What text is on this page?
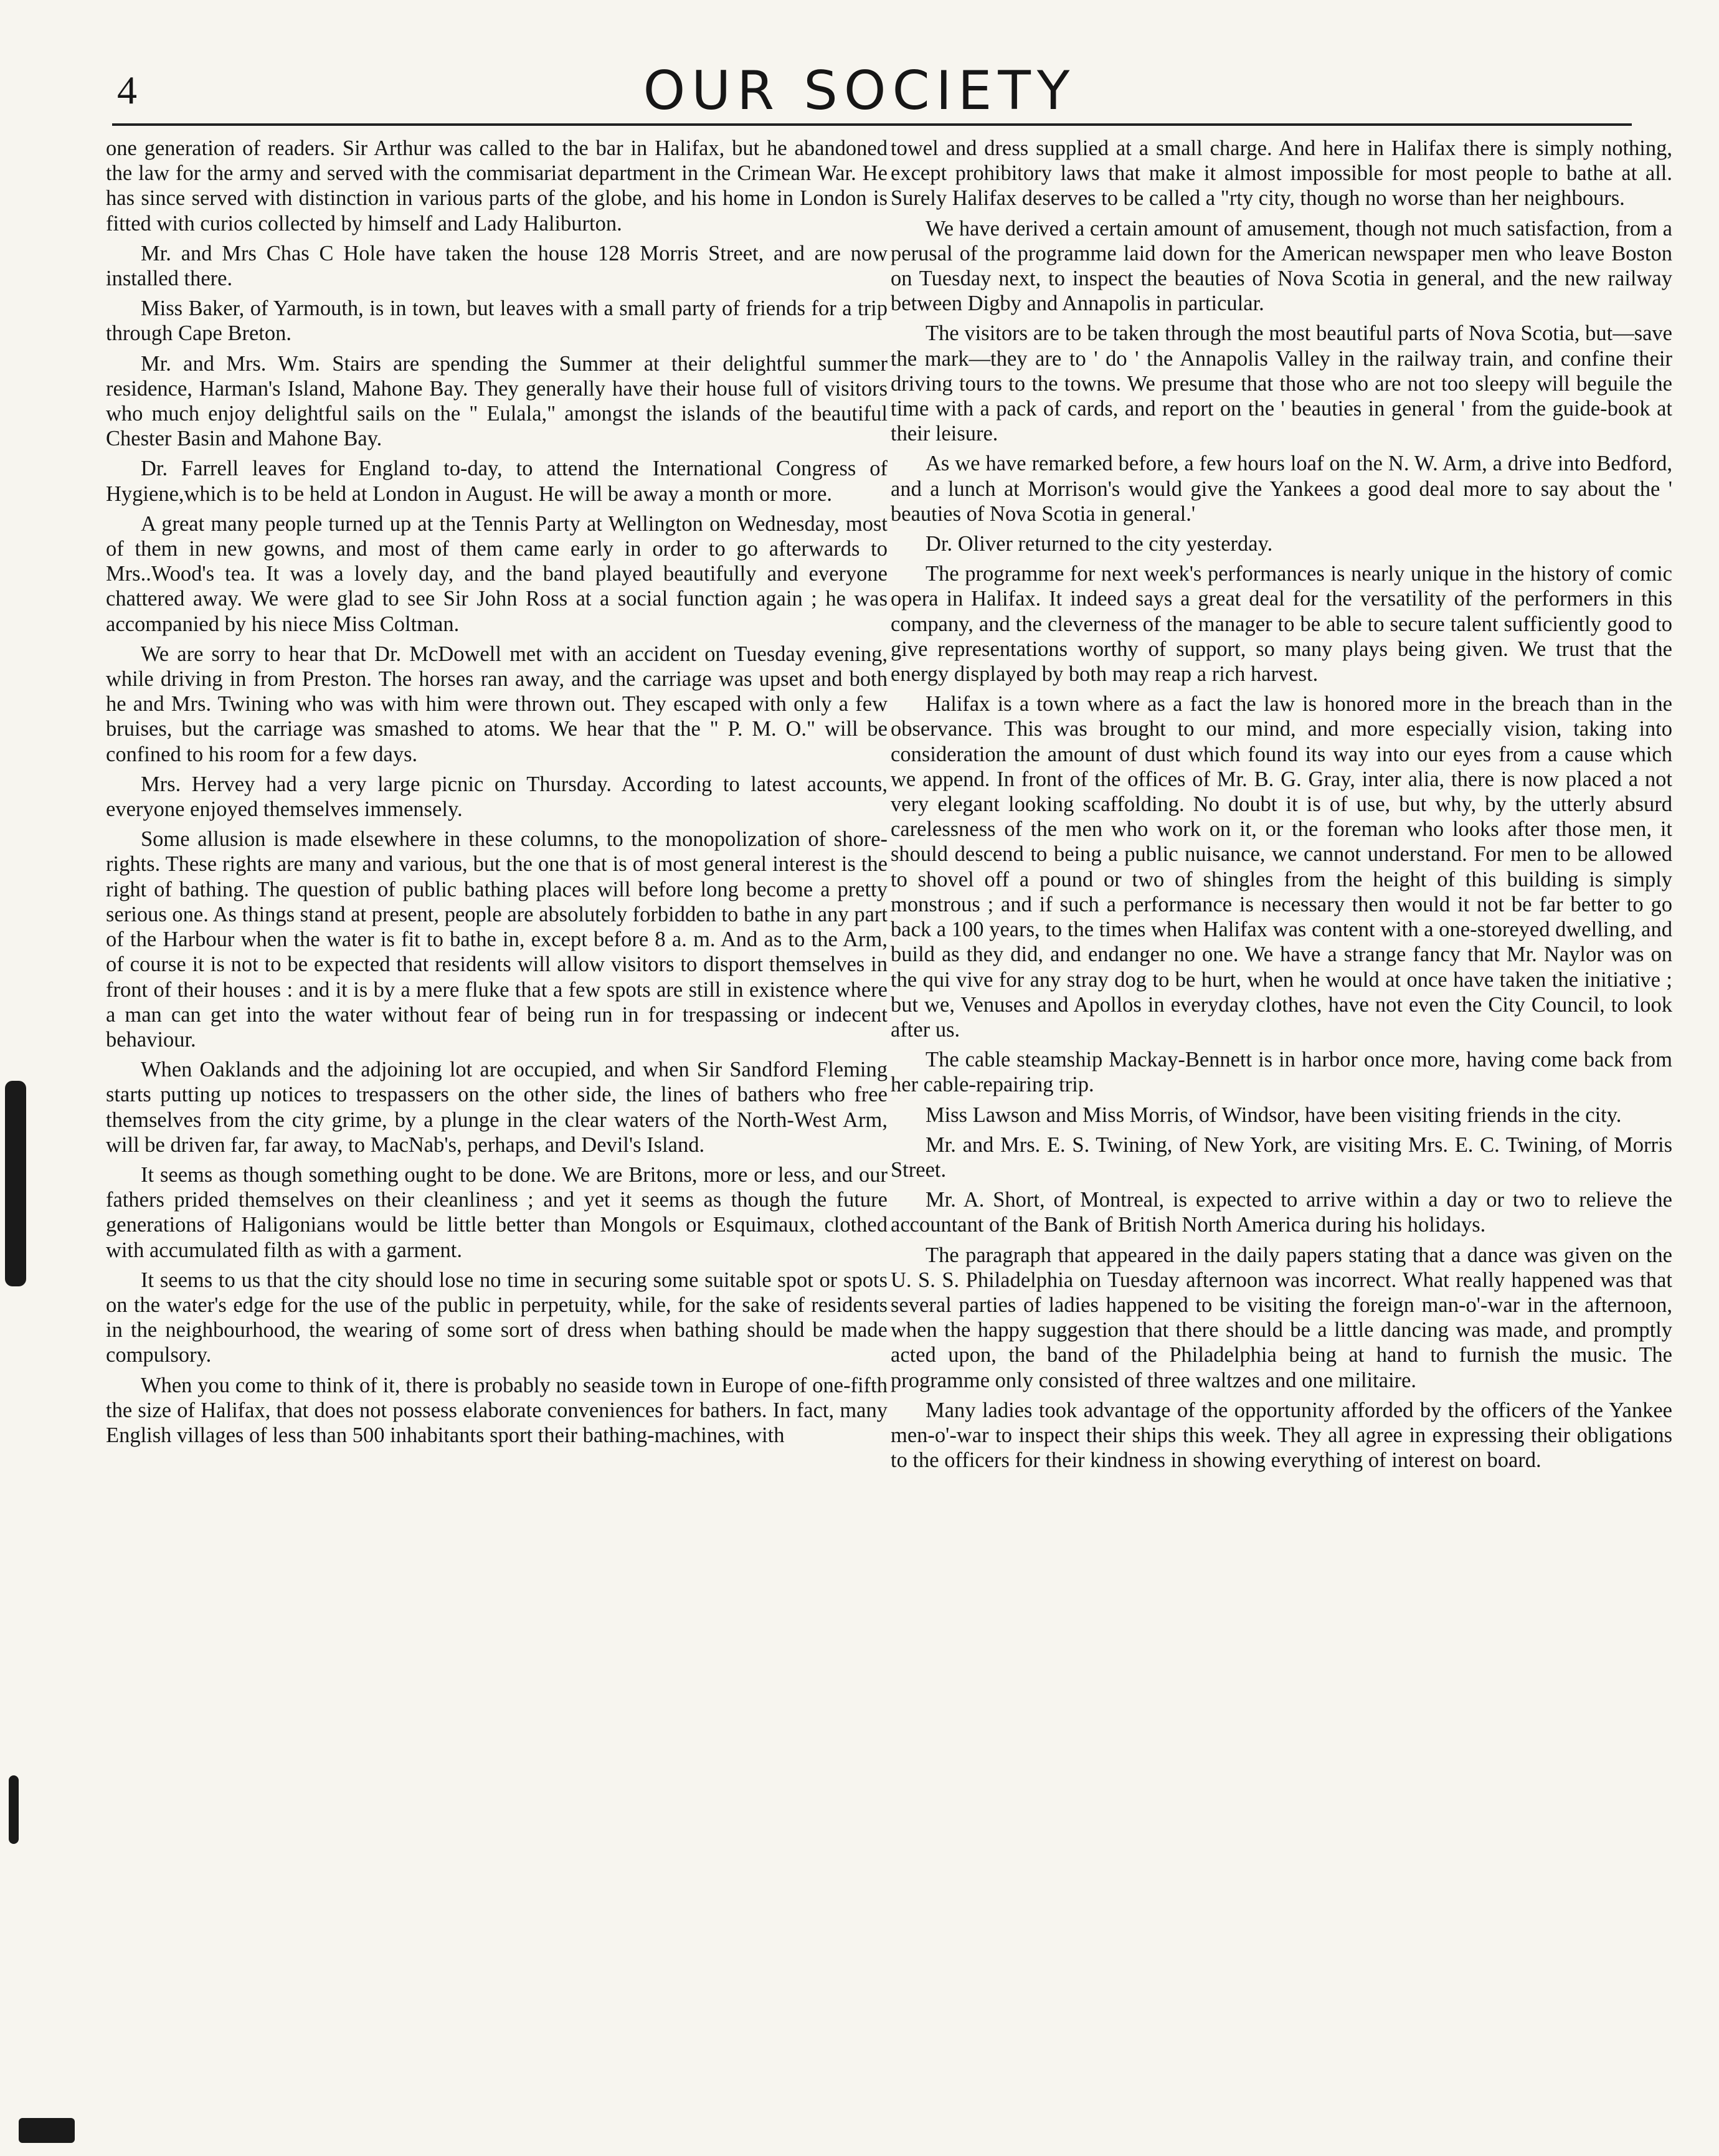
4	OUR SOCIETY

one generation of readers. Sir Arthur was called to the bar in Halifax, but he abandoned the law for the army and served with the commisariat department in the Crimean War. He has since served with distinction in various parts of the globe, and his home in London is fitted with curios collected by himself and Lady Haliburton.

Mr. and Mrs Chas C Hole have taken the house 128 Morris Street, and are now installed there.

Miss Baker, of Yarmouth, is in town, but leaves with a small party of friends for a trip through Cape Breton.

Mr. and Mrs. Wm. Stairs are spending the Summer at their delightful summer residence, Harman's Island, Mahone Bay. They generally have their house full of visitors who much enjoy delightful sails on the " Eulala," amongst the islands of the beautiful Chester Basin and Mahone Bay.

Dr. Farrell leaves for England to-day, to attend the International Congress of Hygiene,which is to be held at London in August. He will be away a month or more.

A great many people turned up at the Tennis Party at Wellington on Wednesday, most of them in new gowns, and most of them came early in order to go afterwards to Mrs..Wood's tea. It was a lovely day, and the band played beautifully and everyone chattered away. We were glad to see Sir John Ross at a social function again ; he was accompanied by his niece Miss Coltman.

We are sorry to hear that Dr. McDowell met with an accident on Tuesday evening, while driving in from Preston. The horses ran away, and the carriage was upset and both he and Mrs. Twining who was with him were thrown out. They escaped with only a few bruises, but the carriage was smashed to atoms. We hear that the " P. M. O." will be confined to his room for a few days.

Mrs. Hervey had a very large picnic on Thursday. According to latest accounts, everyone enjoyed themselves immensely.

Some allusion is made elsewhere in these columns, to the monopolization of shore-rights. These rights are many and various, but the one that is of most general interest is the right of bathing. The question of public bathing places will before long become a pretty serious one. As things stand at present, people are absolutely forbidden to bathe in any part of the Harbour when the water is fit to bathe in, except before 8 a. m. And as to the Arm, of course it is not to be expected that residents will allow visitors to disport themselves in front of their houses : and it is by a mere fluke that a few spots are still in existence where a man can get into the water without fear of being run in for trespassing or indecent behaviour.

When Oaklands and the adjoining lot are occupied, and when Sir Sandford Fleming starts putting up notices to trespassers on the other side, the lines of bathers who free themselves from the city grime, by a plunge in the clear waters of the North-West Arm, will be driven far, far away, to MacNab's, perhaps, and Devil's Island.

It seems as though something ought to be done. We are Britons, more or less, and our fathers prided themselves on their cleanliness ; and yet it seems as though the future generations of Haligonians would be little better than Mongols or Esquimaux, clothed with accumulated filth as with a garment.

It seems to us that the city should lose no time in securing some suitable spot or spots on the water's edge for the use of the public in perpetuity, while, for the sake of residents in the neighbourhood, the wearing of some sort of dress when bathing should be made compulsory.

When you come to think of it, there is probably no seaside town in Europe of one-fifth the size of Halifax, that does not possess elaborate conveniences for bathers. In fact, many English villages of less than 500 inhabitants sport their bathing-machines, with

towel and dress supplied at a small charge. And here in Halifax there is simply nothing, except prohibitory laws that make it almost impossible for most people to bathe at all. Surely Halifax deserves to be called a "rty city, though no worse than her neighbours.

We have derived a certain amount of amusement, though not much satisfaction, from a perusal of the programme laid down for the American newspaper men who leave Boston on Tuesday next, to inspect the beauties of Nova Scotia in general, and the new railway between Digby and Annapolis in particular.

The visitors are to be taken through the most beautiful parts of Nova Scotia, but—save the mark—they are to ' do ' the Annapolis Valley in the railway train, and confine their driving tours to the towns. We presume that those who are not too sleepy will beguile the time with a pack of cards, and report on the ' beauties in general ' from the guide-book at their leisure.

As we have remarked before, a few hours loaf on the N. W. Arm, a drive into Bedford, and a lunch at Morrison's would give the Yankees a good deal more to say about the ' beauties of Nova Scotia in general.'

Dr. Oliver returned to the city yesterday.

The programme for next week's performances is nearly unique in the history of comic opera in Halifax. It indeed says a great deal for the versatility of the performers in this company, and the cleverness of the manager to be able to secure talent sufficiently good to give representations worthy of support, so many plays being given. We trust that the energy displayed by both may reap a rich harvest.

Halifax is a town where as a fact the law is honored more in the breach than in the observance. This was brought to our mind, and more especially vision, taking into consideration the amount of dust which found its way into our eyes from a cause which we append. In front of the offices of Mr. B. G. Gray, inter alia, there is now placed a not very elegant looking scaffolding. No doubt it is of use, but why, by the utterly absurd carelessness of the men who work on it, or the foreman who looks after those men, it should descend to being a public nuisance, we cannot understand. For men to be allowed to shovel off a pound or two of shingles from the height of this building is simply monstrous ; and if such a performance is necessary then would it not be far better to go back a 100 years, to the times when Halifax was content with a one-storeyed dwelling, and build as they did, and endanger no one. We have a strange fancy that Mr. Naylor was on the qui vive for any stray dog to be hurt, when he would at once have taken the initiative ; but we, Venuses and Apollos in everyday clothes, have not even the City Council, to look after us.

The cable steamship Mackay-Bennett is in harbor once more, having come back from her cable-repairing trip.

Miss Lawson and Miss Morris, of Windsor, have been visiting friends in the city.

Mr. and Mrs. E. S. Twining, of New York, are visiting Mrs. E. C. Twining, of Morris Street.

Mr. A. Short, of Montreal, is expected to arrive within a day or two to relieve the accountant of the Bank of British North America during his holidays.

The paragraph that appeared in the daily papers stating that a dance was given on the U. S. S. Philadelphia on Tuesday afternoon was incorrect. What really happened was that several parties of ladies happened to be visiting the foreign man-o'-war in the afternoon, when the happy suggestion that there should be a little dancing was made, and promptly acted upon, the band of the Philadelphia being at hand to furnish the music. The programme only consisted of three waltzes and one militaire.

Many ladies took advantage of the opportunity afforded by the officers of the Yankee men-o'-war to inspect their ships this week. They all agree in expressing their obligations to the officers for their kindness in showing everything of interest on board.
